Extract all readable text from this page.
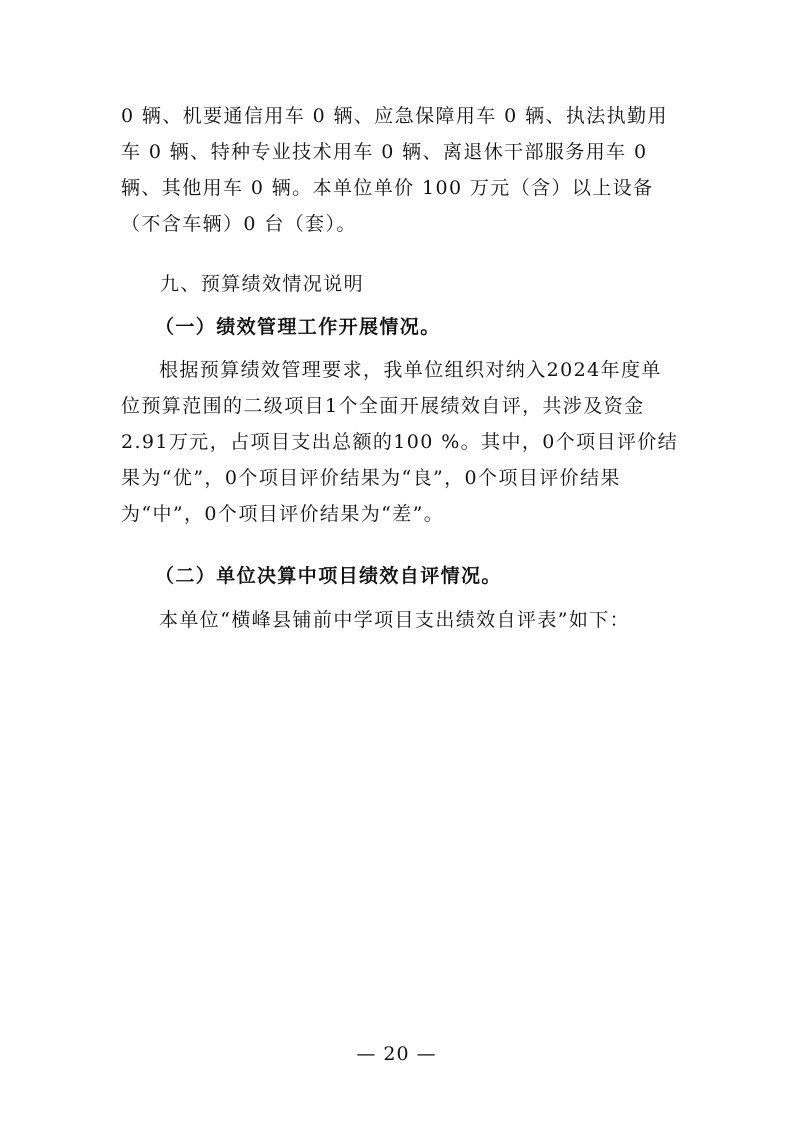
0 辆、机要通信用车 0 辆、应急保障用车 0 辆、执法执勤用车 0 辆、特种专业技术用车 0 辆、离退休干部服务用车 0 辆、其他用车 0 辆。本单位单价 100 万元（含）以上设备（不含车辆）0 台（套）。

九、预算绩效情况说明
（一）绩效管理工作开展情况。

根据预算绩效管理要求，我单位组织对纳入2024年度单位预算范围的二级项目1个全面开展绩效自评，共涉及资金2.91万元，占项目支出总额的100 %。其中，0个项目评价结果为“优”，0个项目评价结果为“良”，0个项目评价结果为“中”，0个项目评价结果为“差”。

（二）单位决算中项目绩效自评情况。

本单位“横峰县铺前中学项目支出绩效自评表”如下：

— 20 —
